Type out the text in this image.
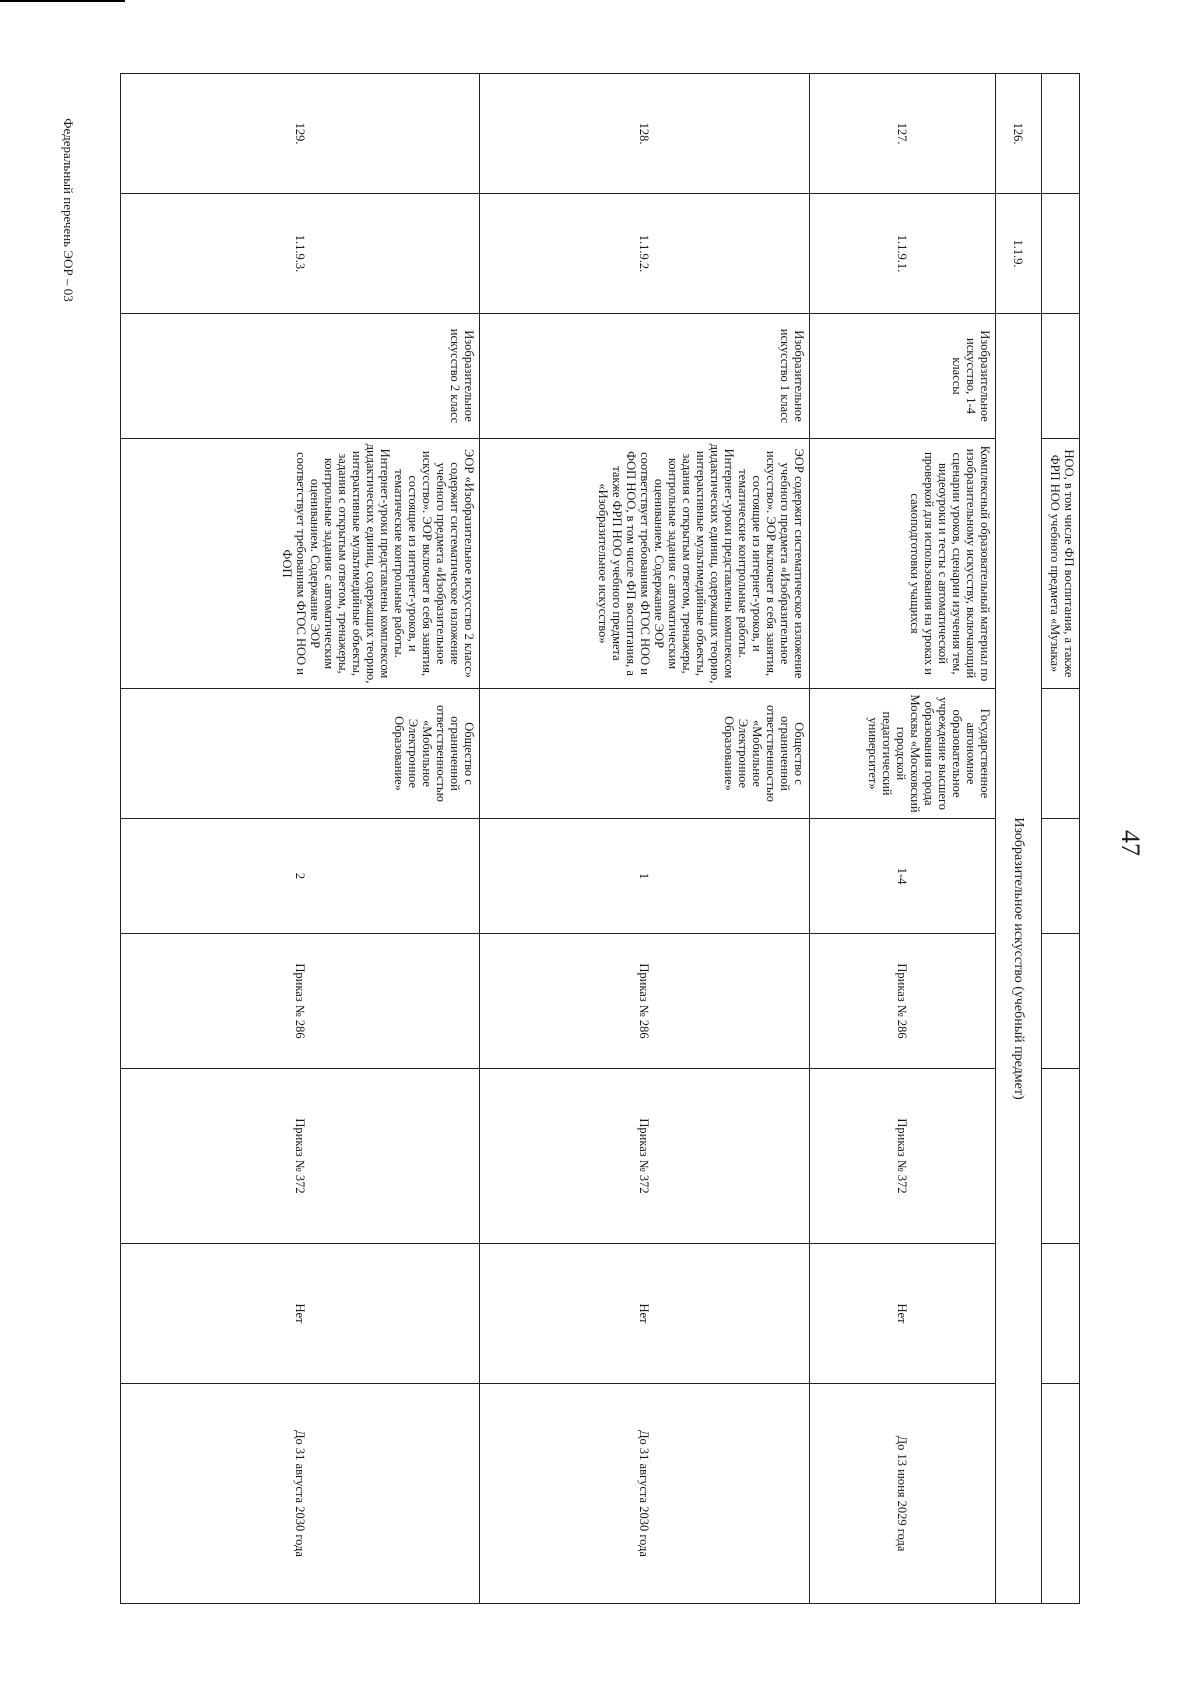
47
Федеральный перечень ЭОР – 03
			НОО, в том числе ФП воспитания, а также ФРП НОО учебного предмета «Музыка»						
126.	1.1.9.	Изобразительное искусство (учебный предмет)							
127.	1.1.9.1.	Изобразительное искусство, 1-4 классы	Комплексный образовательный материал по изобразительному искусству, включающий сценарии уроков, сценарии изучения тем, видеоуроки и тесты с автоматической проверкой для использования на уроках и самоподготовки учащихся	Государственное автономное образовательное учреждение высшего образования города Москвы «Московский городской педагогический университет»	1-4	Приказ № 286	Приказ № 372	Нет	До 13 июня 2029 года
128.	1.1.9.2.	Изобразительное искусство 1 класс	ЭОР содержит систематическое изложение учебного предмета «Изобразительное искусство». ЭОР включает в себя занятия, состоящие из интернет-уроков, и тематические контрольные работы. Интернет-уроки представлены комплексом дидактических единиц, содержащих теорию, интерактивные мультимедийные объекты, задания с открытым ответом, тренажеры, контрольные задания с автоматическим оцениванием. Содержание ЭОР соответствует требованиям ФГОС НОО и ФОП НОО, в том числе ФП воспитания, а также ФРП НОО учебного предмета «Изобразительное искусство»	Общество с ограниченной ответственностью «Мобильное Электронное Образование»	1	Приказ № 286	Приказ № 372	Нет	До 31 августа 2030 года
129.	1.1.9.3.	Изобразительное искусство 2 класс	ЭОР «Изобразительное искусство 2 класс» содержит систематическое изложение учебного предмета «Изобразительное искусство». ЭОР включает в себя занятия, состоящие из интернет-уроков, и тематические контрольные работы. Интернет-уроки представлены комплексом дидактических единиц, содержащих теорию, интерактивные мультимедийные объекты, задания с открытым ответом, тренажеры, контрольные задания с автоматическим оцениванием. Содержание ЭОР соответствует требованиям ФГОС НОО и ФОП	Общество с ограниченной ответственностью «Мобильное Электронное Образование»	2	Приказ № 286	Приказ № 372	Нет	До 31 августа 2030 года
